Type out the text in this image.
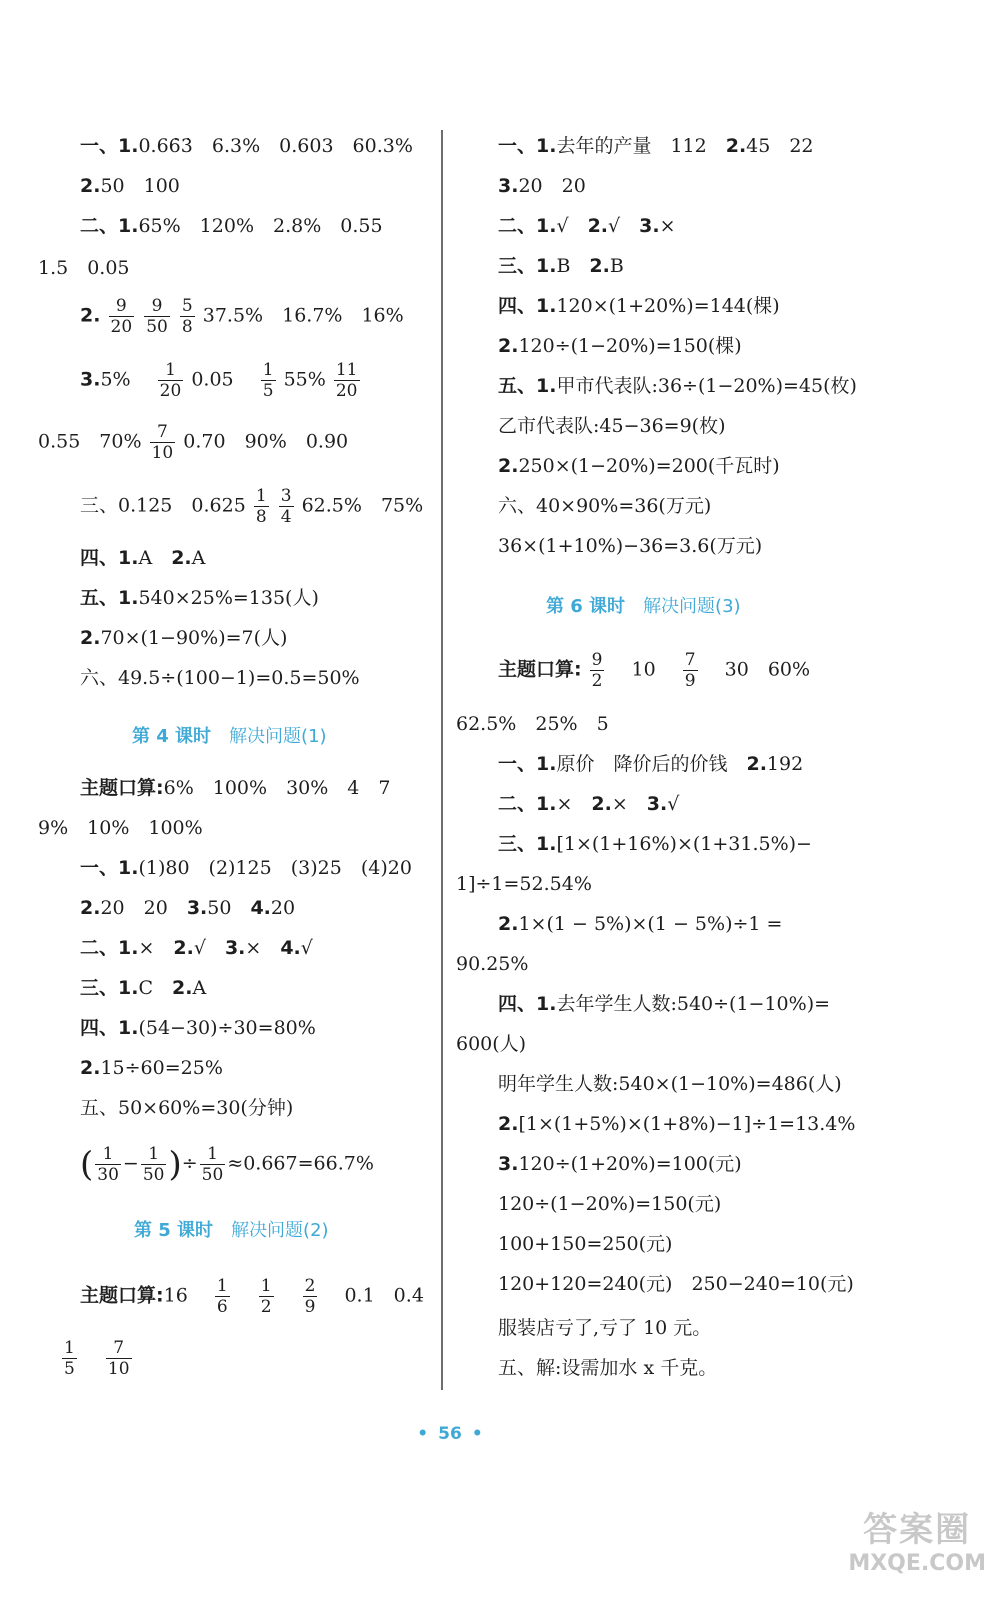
一、1.0.66̇3̇　 6.3%　0.603　60.3%
2.50　100
二、1.65%　120%　2.8%　0.55
1.5　0.05
2. $\frac{9}{20}$
$\frac{9}{50}$
$\frac{5}{8} 37.5\%$　16.7%　16%
3.5%　 $\frac{1}{20} 0.05$　 $\frac{1}{5} 55\% \frac{11}{20}$
0.55　$70\% \frac{7}{10} 0.70$　90%　0.90
三、0.125　$0.625 \frac{1}{8}$
$\frac{3}{4} 62.5\%$　75%
四、1.A　2.A
五、1.540×25%=135(人)
2.70×(1−90%)=7(人)
六、49.5÷(100−1)=0.5=50%
第 4 课时　 解决问题(1)
主题口算:6%　100%　30%　4　7
9%　10%　100%
一、1.(1)80　(2)125　(3)25　(4)20
2.20　20　3.50　4.20
二、1.×　2.√　3.×　4.√
三、1.C　2.A
四、1.(54−30)÷30=80%
2.15÷60=25%
五、50×60%=30(分钟)
( $\frac{1}{30} - \frac{1}{50}$ )÷ $\frac{1}{50} \approx 0.667=66.7\%$
第 5 课时　 解决问题(2)
主题口算:16　 $\frac{1}{6}$
　 $\frac{1}{2}$
　 $\frac{2}{9}$
　 0.1　0.4
$\frac{1}{5}$
　 $\frac{7}{10}$
一、1.去年的产量　112　2.45　22
3.20　20
二、1.√　2.√　3.×
三、1.B　2.B
四、1.120×(1+20%)=144(棵)
2.120÷(1−20%)=150(棵)
五、1.甲市代表队:36÷(1−20%)=45(枚)
乙市代表队:45−36=9(枚)
2.250×(1−20%)=200(千瓦时)
六、40×90%=36(万元)
36×(1+10%)−36=3.6(万元)
第 6 课时　 解决问题(3)
主题口算: $\frac{9}{2}$
　 10　 $\frac{7}{9}$
　 30　60%
62.5%　25%　5
一、1.原价　降价后的价钱　2.192
二、1.×　2.×　3.√
三、1.[1×(1+16%)×(1+31.5%)−
1]÷1=52.54%
2.1×(1 − 5%)×(1 − 5%)÷1 =
90.25%
四、1.去年学生人数:540÷(1−10%)=
600(人)
明年学生人数:540×(1−10%)=486(人)
2.[1×(1+5%)×(1+8%)−1]÷1=13.4%
3.120÷(1+20%)=100(元)
120÷(1−20%)=150(元)
100+150=250(元)
120+120=240(元)　250−240=10(元)
服装店亏了,亏了 10 元。
五、解:设需加水 x 千克。
• 56 •
答案圈
MXQE.COM
